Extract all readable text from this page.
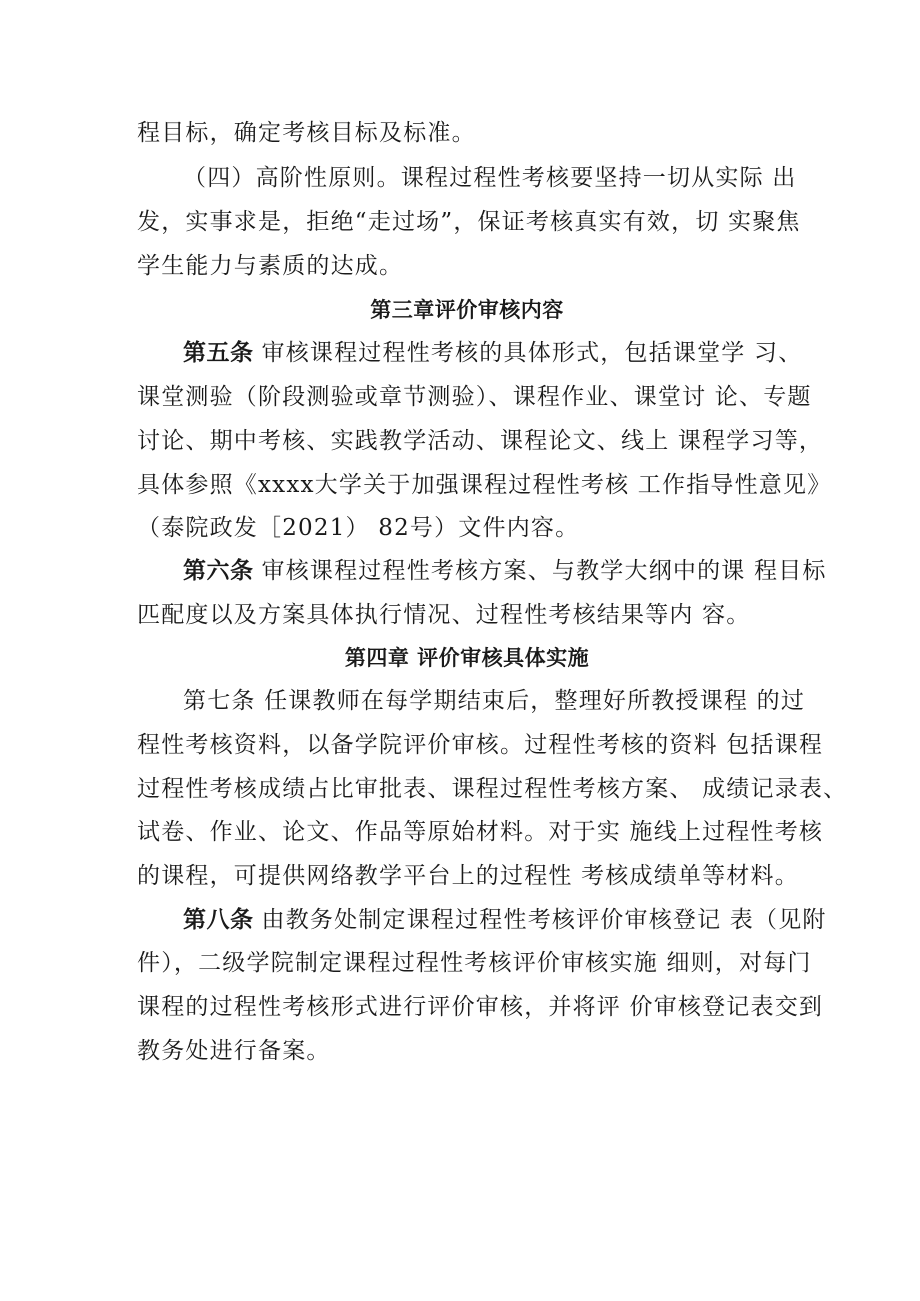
程目标，确定考核目标及标准。
（四）高阶性原则。课程过程性考核要坚持一切从实际 出
发，实事求是，拒绝“走过场”，保证考核真实有效，切 实聚焦
学生能力与素质的达成。
第三章评价审核内容
第五条 审核课程过程性考核的具体形式，包括课堂学 习、
课堂测验（阶段测验或章节测验）、课程作业、课堂讨 论、专题
讨论、期中考核、实践教学活动、课程论文、线上 课程学习等，
具体参照《xxxx大学关于加强课程过程性考核 工作指导性意见》
（泰院政发［2021） 82号）文件内容。
第六条 审核课程过程性考核方案、与教学大纲中的课 程目标
匹配度以及方案具体执行情况、过程性考核结果等内 容。
第四章 评价审核具体实施
第七条 任课教师在每学期结束后，整理好所教授课程 的过
程性考核资料，以备学院评价审核。过程性考核的资料 包括课程
过程性考核成绩占比审批表、课程过程性考核方案、 成绩记录表、
试卷、作业、论文、作品等原始材料。对于实 施线上过程性考核
的课程，可提供网络教学平台上的过程性 考核成绩单等材料。
第八条 由教务处制定课程过程性考核评价审核登记 表（见附
件），二级学院制定课程过程性考核评价审核实施 细则，对每门
课程的过程性考核形式进行评价审核，并将评 价审核登记表交到
教务处进行备案。
